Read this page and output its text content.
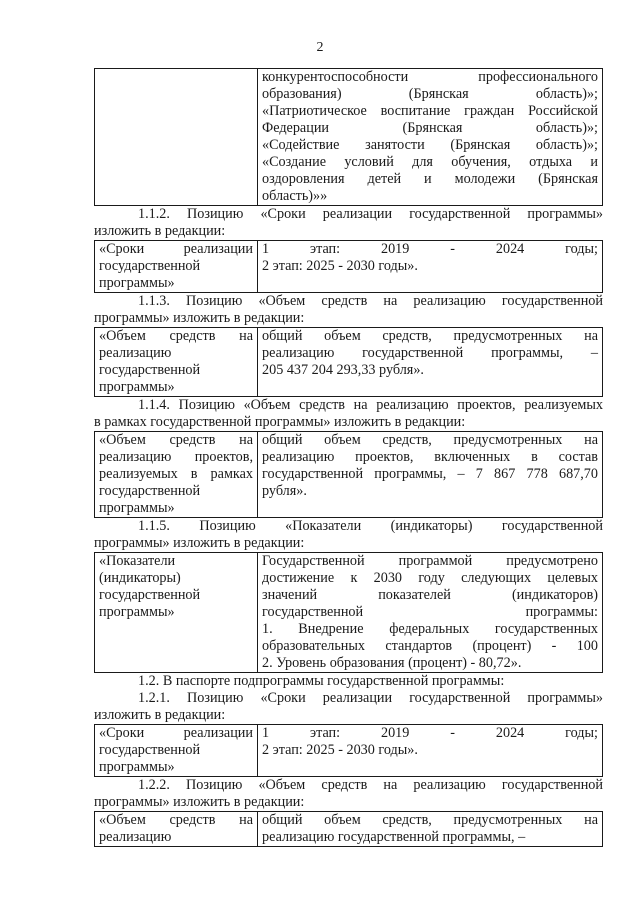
2

конкурентоспособности профессионального
образования) (Брянская область)»;
«Патриотическое воспитание граждан Российской
Федерации (Брянская область)»;
«Содействие занятости (Брянская область)»;
«Создание условий для обучения, отдыха и
оздоровления детей и молодежи (Брянская
область)»»
1.1.2. Позицию «Сроки реализации государственной программы»
изложить в редакции:
«Сроки реализации
государственной
программы»

1 этап: 2019 - 2024 годы;
2 этап: 2025 - 2030 годы».
1.1.3. Позицию «Объем средств на реализацию государственной
программы» изложить в редакции:
«Объем средств на
реализацию
государственной
программы»

общий объем средств, предусмотренных на
реализацию государственной программы, –
205 437 204 293,33 рубля».
1.1.4. Позицию «Объем средств на реализацию проектов, реализуемых
в рамках государственной программы» изложить в редакции:
«Объем средств на
реализацию проектов,
реализуемых в рамках
государственной
программы»

общий объем средств, предусмотренных на
реализацию проектов, включенных в состав
государственной программы, – 7 867 778 687,70
рубля».
1.1.5. Позицию «Показатели (индикаторы) государственной
программы» изложить в редакции:
«Показатели
(индикаторы)
государственной
программы»

Государственной программой предусмотрено
достижение к 2030 году следующих целевых
значений показателей (индикаторов)
государственной программы:
1. Внедрение федеральных государственных
образовательных стандартов (процент) - 100
2. Уровень образования (процент) - 80,72».
1.2. В паспорте подпрограммы государственной программы:
1.2.1. Позицию «Сроки реализации государственной программы»
изложить в редакции:
«Сроки реализации
государственной
программы»

1 этап: 2019 - 2024 годы;
2 этап: 2025 - 2030 годы».
1.2.2. Позицию «Объем средств на реализацию государственной
программы» изложить в редакции:
«Объем средств на
реализацию

общий объем средств, предусмотренных на
реализацию государственной программы, –
